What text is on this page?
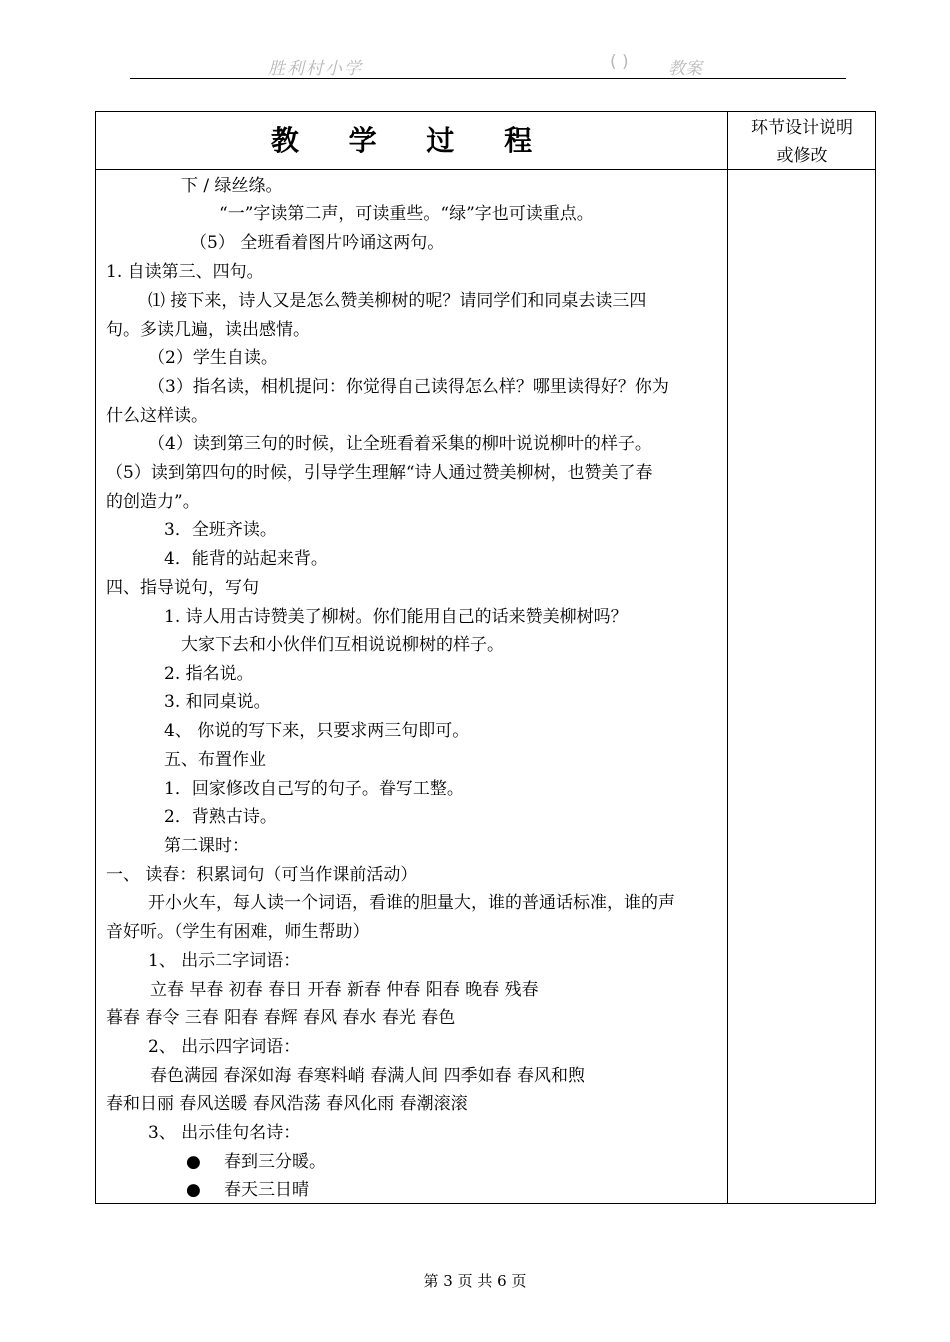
胜利村小学	( ) 教案
教 学 过 程	环节设计说明
或修改
下 / 绿丝绦。
“一”字读第二声，可读重些。“绿”字也可读重点。
（5） 全班看着图片吟诵这两句。
1. 自读第三、四句。
⑴ 接下来，诗人又是怎么赞美柳树的呢？请同学们和同桌去读三四
句。多读几遍，读出感情。
（2）学生自读。
（3）指名读，相机提问：你觉得自己读得怎么样？哪里读得好？你为
什么这样读。
（4）读到第三句的时候，让全班看着采集的柳叶说说柳叶的样子。
（5）读到第四句的时候，引导学生理解“诗人通过赞美柳树，也赞美了春
的创造力”。
3．全班齐读。
4．能背的站起来背。
四、指导说句，写句
1. 诗人用古诗赞美了柳树。你们能用自己的话来赞美柳树吗？
大家下去和小伙伴们互相说说柳树的样子。
2. 指名说。
3. 和同桌说。
4、 你说的写下来，只要求两三句即可。
五、布置作业
1．回家修改自己写的句子。眷写工整。
2．背熟古诗。
第二课时：
一、 读春：积累词句（可当作课前活动）
开小火车，每人读一个词语，看谁的胆量大，谁的普通话标准，谁的声
音好听。（学生有困难，师生帮助）
1、 出示二字词语：
立春 早春 初春 春日 开春 新春 仲春 阳春 晚春 残春
暮春 春令 三春 阳春 春辉 春风 春水 春光 春色
2、 出示四字词语：
春色满园 春深如海 春寒料峭 春满人间 四季如春 春风和煦
春和日丽 春风送暖 春风浩荡 春风化雨 春潮滚滚
3、 出示佳句名诗：
● 春到三分暖。
● 春天三日晴
第 3 页 共 6 页
